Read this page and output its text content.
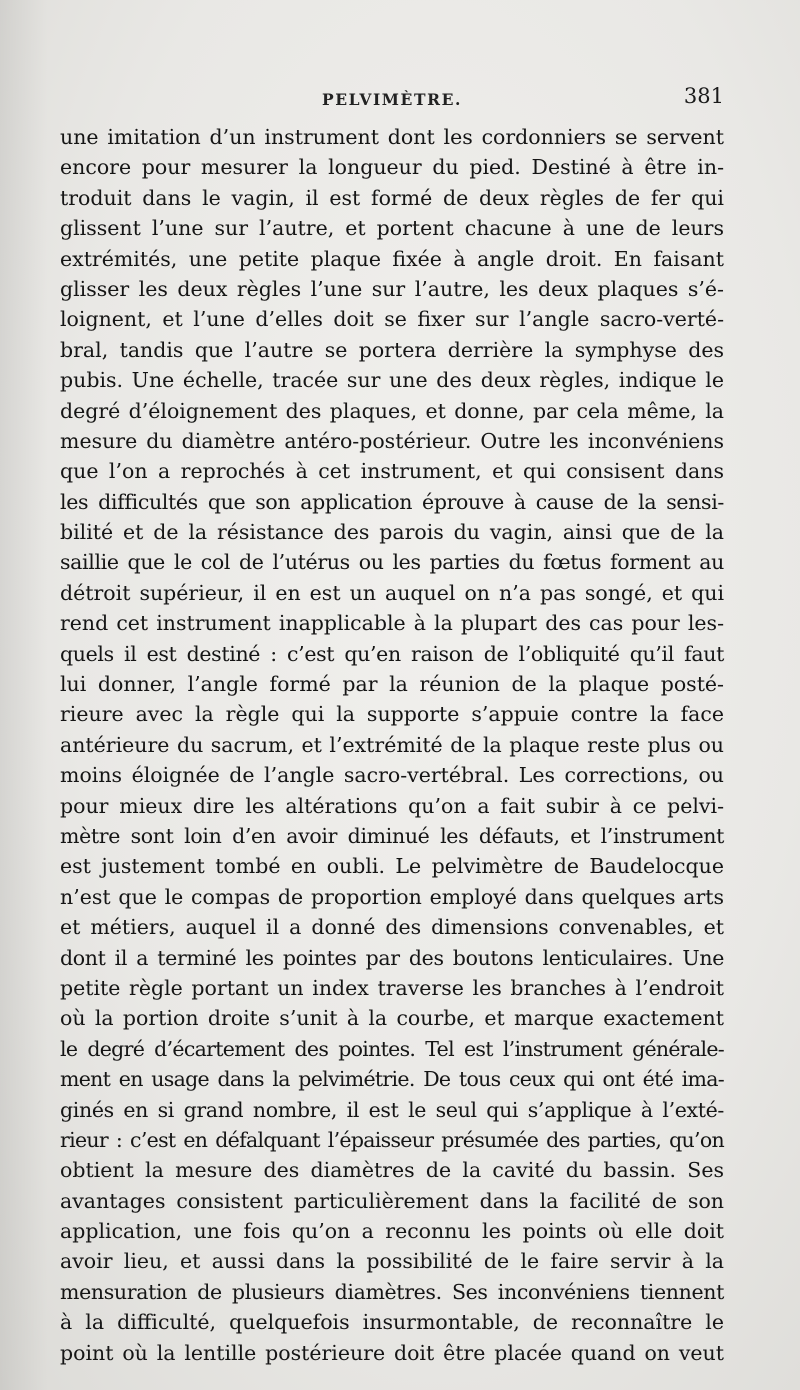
PELVIMÈTRE.	381
une imitation d’un instrument dont les cordonniers se servent
encore pour mesurer la longueur du pied. Destiné à être in-
troduit dans le vagin, il est formé de deux règles de fer qui
glissent l’une sur l’autre, et portent chacune à une de leurs
extrémités, une petite plaque fixée à angle droit. En faisant
glisser les deux règles l’une sur l’autre, les deux plaques s’é-
loignent, et l’une d’elles doit se fixer sur l’angle sacro-verté-
bral, tandis que l’autre se portera derrière la symphyse des
pubis. Une échelle, tracée sur une des deux règles, indique le
degré d’éloignement des plaques, et donne, par cela même, la
mesure du diamètre antéro-postérieur. Outre les inconvéniens
que l’on a reprochés à cet instrument, et qui consisent dans
les difficultés que son application éprouve à cause de la sensi-
bilité et de la résistance des parois du vagin, ainsi que de la
saillie que le col de l’utérus ou les parties du fœtus forment au
détroit supérieur, il en est un auquel on n’a pas songé, et qui
rend cet instrument inapplicable à la plupart des cas pour les-
quels il est destiné : c’est qu’en raison de l’obliquité qu’il faut
lui donner, l’angle formé par la réunion de la plaque posté-
rieure avec la règle qui la supporte s’appuie contre la face
antérieure du sacrum, et l’extrémité de la plaque reste plus ou
moins éloignée de l’angle sacro-vertébral. Les corrections, ou
pour mieux dire les altérations qu’on a fait subir à ce pelvi-
mètre sont loin d’en avoir diminué les défauts, et l’instrument
est justement tombé en oubli. Le pelvimètre de Baudelocque
n’est que le compas de proportion employé dans quelques arts
et métiers, auquel il a donné des dimensions convenables, et
dont il a terminé les pointes par des boutons lenticulaires. Une
petite règle portant un index traverse les branches à l’endroit
où la portion droite s’unit à la courbe, et marque exactement
le degré d’écartement des pointes. Tel est l’instrument générale-
ment en usage dans la pelvimétrie. De tous ceux qui ont été ima-
ginés en si grand nombre, il est le seul qui s’applique à l’exté-
rieur : c’est en défalquant l’épaisseur présumée des parties, qu’on
obtient la mesure des diamètres de la cavité du bassin. Ses
avantages consistent particulièrement dans la facilité de son
application, une fois qu’on a reconnu les points où elle doit
avoir lieu, et aussi dans la possibilité de le faire servir à la
mensuration de plusieurs diamètres. Ses inconvéniens tiennent
à la difficulté, quelquefois insurmontable, de reconnaître le
point où la lentille postérieure doit être placée quand on veut
